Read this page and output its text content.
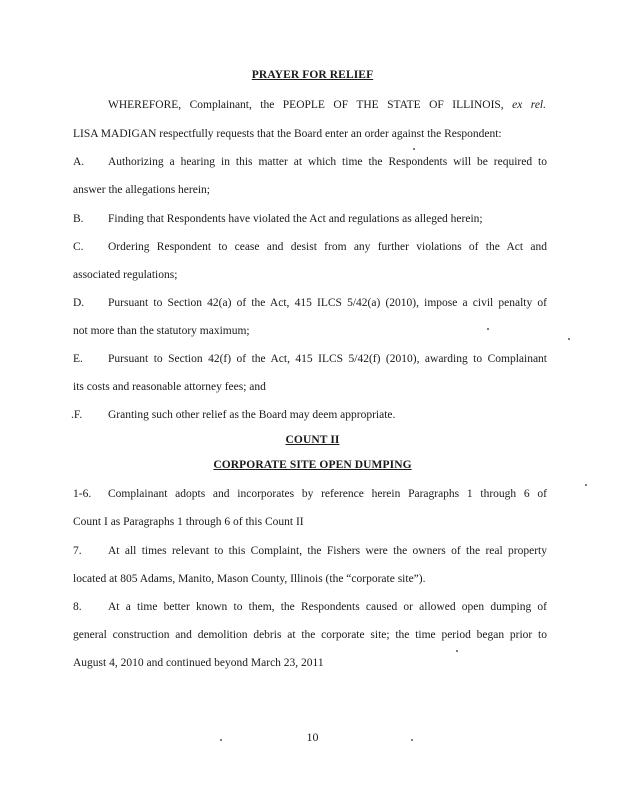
PRAYER FOR RELIEF
WHEREFORE, Complainant, the PEOPLE OF THE STATE OF ILLINOIS, ex rel.
LISA MADIGAN respectfully requests that the Board enter an order against the Respondent:
A. Authorizing a hearing in this matter at which time the Respondents will be required to
answer the allegations herein;
B. Finding that Respondents have violated the Act and regulations as alleged herein;
C. Ordering Respondent to cease and desist from any further violations of the Act and
associated regulations;
D. Pursuant to Section 42(a) of the Act, 415 ILCS 5/42(a) (2010), impose a civil penalty of
not more than the statutory maximum;
E. Pursuant to Section 42(f) of the Act, 415 ILCS 5/42(f) (2010), awarding to Complainant
its costs and reasonable attorney fees; and
.F. Granting such other relief as the Board may deem appropriate.
COUNT II
CORPORATE SITE OPEN DUMPING
1-6. Complainant adopts and incorporates by reference herein Paragraphs 1 through 6 of
Count I as Paragraphs 1 through 6 of this Count II
7. At all times relevant to this Complaint, the Fishers were the owners of the real property
located at 805 Adams, Manito, Mason County, Illinois (the “corporate site”).
8. At a time better known to them, the Respondents caused or allowed open dumping of
general construction and demolition debris at the corporate site; the time period began prior to
August 4, 2010 and continued beyond March 23, 2011
10
